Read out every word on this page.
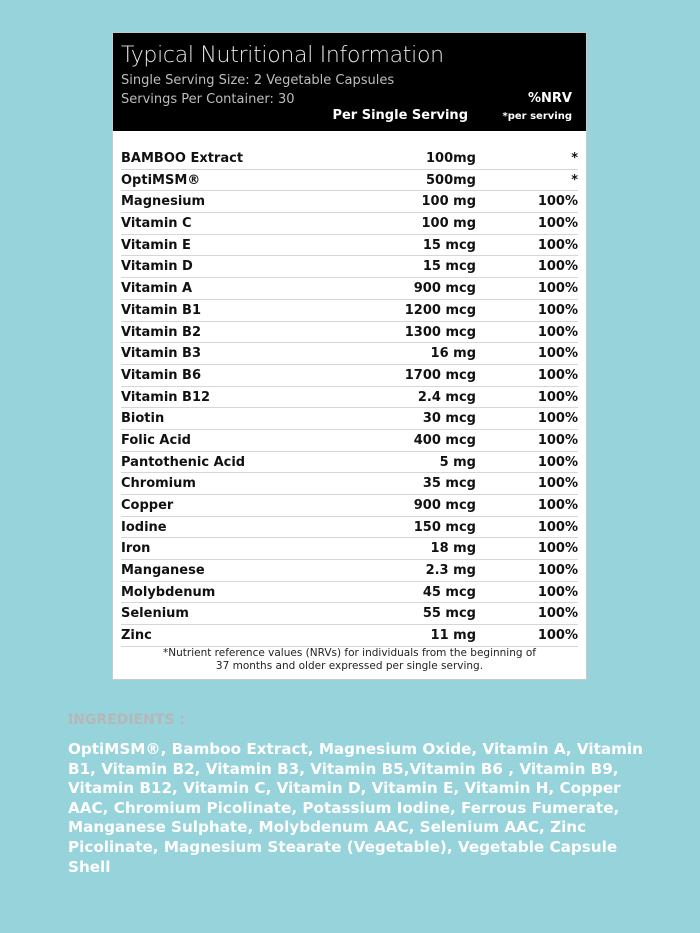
Typical Nutritional Information
Single Serving Size: 2 Vegetable Capsules
Servings Per Container: 30
Per Single Serving
%NRV
*per serving
BAMBOO Extract	100mg	*
OptiMSM®	500mg	*
Magnesium	100 mg	100%
Vitamin C	100 mg	100%
Vitamin E	15 mcg	100%
Vitamin D	15 mcg	100%
Vitamin A	900 mcg	100%
Vitamin B1	1200 mcg	100%
Vitamin B2	1300 mcg	100%
Vitamin B3	16 mg	100%
Vitamin B6	1700 mcg	100%
Vitamin B12	2.4 mcg	100%
Biotin	30 mcg	100%
Folic Acid	400 mcg	100%
Pantothenic Acid	5 mg	100%
Chromium	35 mcg	100%
Copper	900 mcg	100%
Iodine	150 mcg	100%
Iron	18 mg	100%
Manganese	2.3 mg	100%
Molybdenum	45 mcg	100%
Selenium	55 mcg	100%
Zinc	11 mg	100%
*Nutrient reference values (NRVs) for individuals from the beginning of
37 months and older expressed per single serving.
INGREDIENTS :
OptiMSM®, Bamboo Extract, Magnesium Oxide, Vitamin A, Vitamin B1, Vitamin B2, Vitamin B3, Vitamin B5,Vitamin B6 , Vitamin B9, Vitamin B12, Vitamin C, Vitamin D, Vitamin E, Vitamin H, Copper AAC, Chromium Picolinate, Potassium Iodine, Ferrous Fumerate, Manganese Sulphate, Molybdenum AAC, Selenium AAC, Zinc Picolinate, Magnesium Stearate (Vegetable), Vegetable Capsule Shell
